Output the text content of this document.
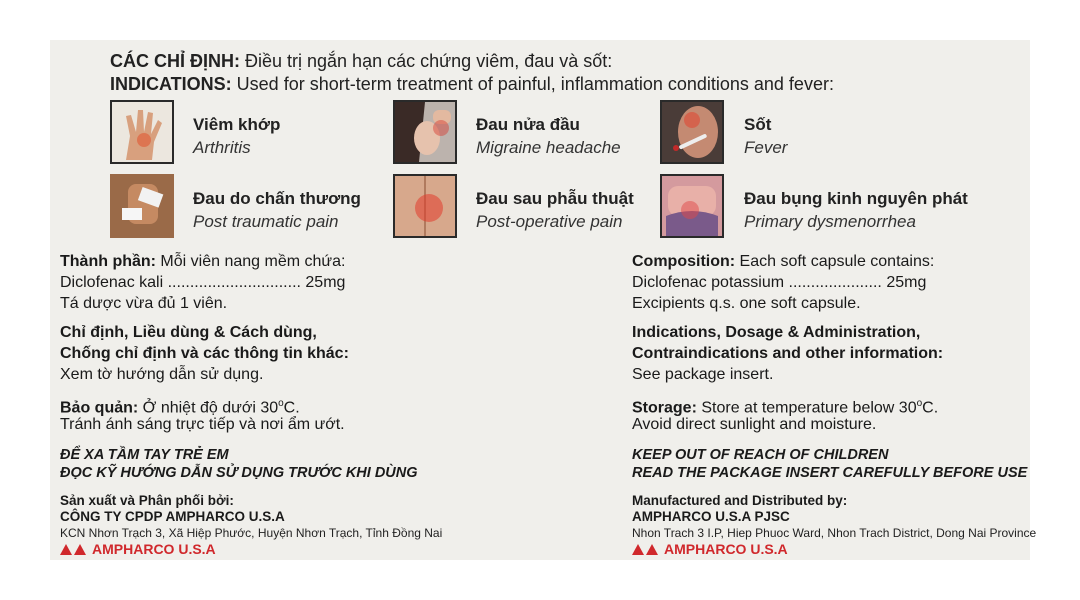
CÁC CHỈ ĐỊNH: Điều trị ngắn hạn các chứng viêm, đau và sốt:
INDICATIONS: Used for short-term treatment of painful, inflammation conditions and fever:
Viêm khớp
Arthritis
Đau nửa đầu
Migraine headache
Sốt
Fever
Đau do chấn thương
Post traumatic pain
Đau sau phẫu thuật
Post-operative pain
Đau bụng kinh nguyên phát
Primary dysmenorrhea
Thành phần: Mỗi viên nang mềm chứa:
Diclofenac kali .............................. 25mg
Tá dược vừa đủ 1 viên.
Chỉ định, Liều dùng & Cách dùng,
Chống chỉ định và các thông tin khác:
Xem tờ hướng dẫn sử dụng.
Bảo quản: Ở nhiệt độ dưới 30$^o$C.
Tránh ánh sáng trực tiếp và nơi ẩm ướt.
ĐỂ XA TẦM TAY TRẺ EM
ĐỌC KỸ HƯỚNG DẪN SỬ DỤNG TRƯỚC KHI DÙNG
Sản xuất và Phân phối bởi:
CÔNG TY CPDP AMPHARCO U.S.A
KCN Nhơn Trạch 3, Xã Hiệp Phước, Huyện Nhơn Trạch, Tỉnh Đồng Nai
AMPHARCO U.S.A
Composition: Each soft capsule contains:
Diclofenac potassium ..................... 25mg
Excipients q.s. one soft capsule.
Indications, Dosage & Administration,
Contraindications and other information:
See package insert.
Storage: Store at temperature below 30$^o$C.
Avoid direct sunlight and moisture.
KEEP OUT OF REACH OF CHILDREN
READ THE PACKAGE INSERT CAREFULLY BEFORE USE
Manufactured and Distributed by:
AMPHARCO U.S.A PJSC
Nhon Trach 3 I.P, Hiep Phuoc Ward, Nhon Trach District, Dong Nai Province
AMPHARCO U.S.A
